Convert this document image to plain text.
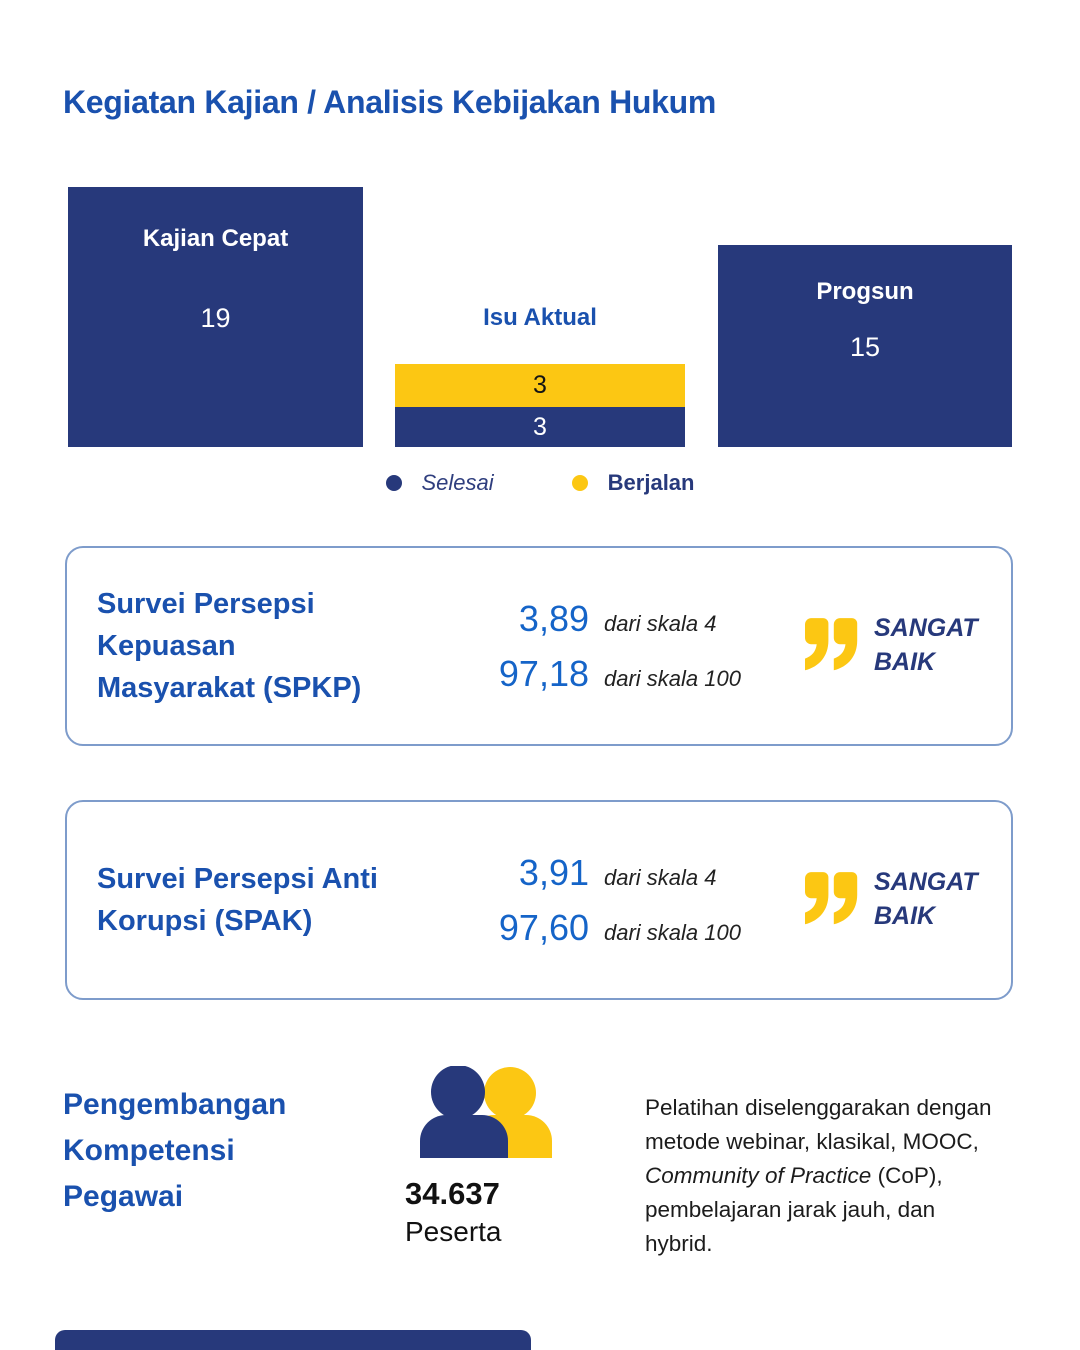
Kegiatan Kajian / Analisis Kebijakan Hukum
Kajian Cepat
19	Isu Aktual
3
3
Progsun
15
Selesai	Berjalan
Survei Persepsi
Kepuasan
Masyarakat (SPKP)
3,89 dari skala 4
97,18 dari skala 100
SANGAT
BAIK
Survei Persepsi Anti
Korupsi (SPAK)
3,91 dari skala 4
97,60 dari skala 100
SANGAT
BAIK
Pengembangan
Kompetensi
Pegawai	34.637
Peserta

Pelatihan diselenggarakan dengan metode webinar, klasikal, MOOC, Community of Practice (CoP), pembelajaran jarak jauh, dan hybrid.
